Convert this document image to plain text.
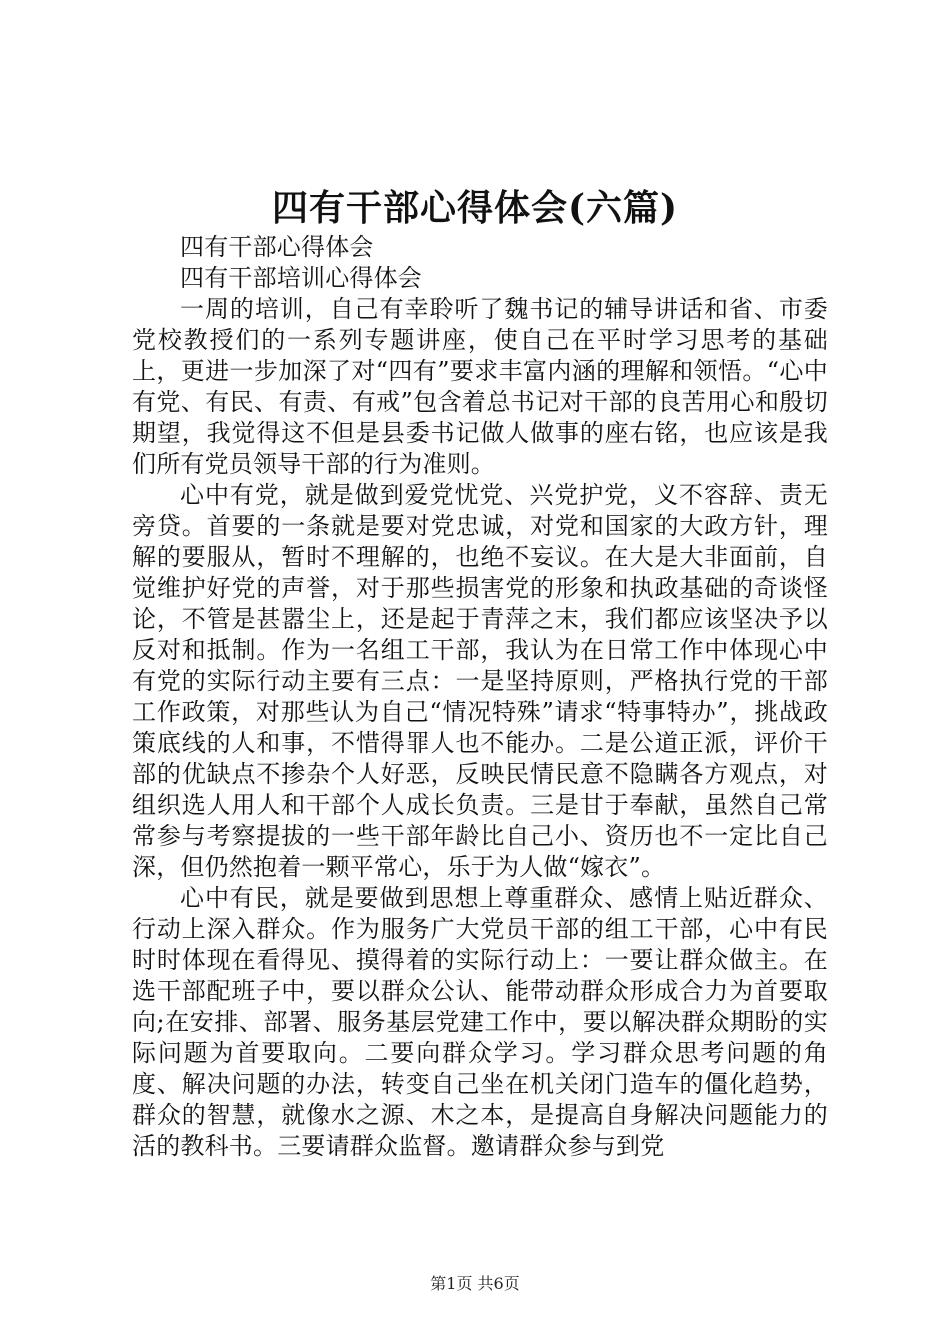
四有干部心得体会(六篇)

四有干部心得体会

四有干部培训心得体会

一周的培训，自己有幸聆听了魏书记的辅导讲话和省、市委党校教授们的一系列专题讲座，使自己在平时学习思考的基础上，更进一步加深了对“四有”要求丰富内涵的理解和领悟。“心中有党、有民、有责、有戒”包含着总书记对干部的良苦用心和殷切期望，我觉得这不但是县委书记做人做事的座右铭，也应该是我们所有党员领导干部的行为准则。

心中有党，就是做到爱党忧党、兴党护党，义不容辞、责无旁贷。首要的一条就是要对党忠诚，对党和国家的大政方针，理解的要服从，暂时不理解的，也绝不妄议。在大是大非面前，自觉维护好党的声誉，对于那些损害党的形象和执政基础的奇谈怪论，不管是甚嚣尘上，还是起于青萍之末，我们都应该坚决予以反对和抵制。作为一名组工干部，我认为在日常工作中体现心中有党的实际行动主要有三点：一是坚持原则，严格执行党的干部工作政策，对那些认为自己“情况特殊”请求“特事特办”，挑战政策底线的人和事，不惜得罪人也不能办。二是公道正派，评价干部的优缺点不掺杂个人好恶，反映民情民意不隐瞒各方观点，对组织选人用人和干部个人成长负责。三是甘于奉献，虽然自己常常参与考察提拔的一些干部年龄比自己小、资历也不一定比自己深，但仍然抱着一颗平常心，乐于为人做“嫁衣”。

心中有民，就是要做到思想上尊重群众、感情上贴近群众、行动上深入群众。作为服务广大党员干部的组工干部，心中有民时时体现在看得见、摸得着的实际行动上：一要让群众做主。在选干部配班子中，要以群众公认、能带动群众形成合力为首要取向;在安排、部署、服务基层党建工作中，要以解决群众期盼的实际问题为首要取向。二要向群众学习。学习群众思考问题的角度、解决问题的办法，转变自己坐在机关闭门造车的僵化趋势，群众的智慧，就像水之源、木之本，是提高自身解决问题能力的活的教科书。三要请群众监督。邀请群众参与到党

第1页 共6页
